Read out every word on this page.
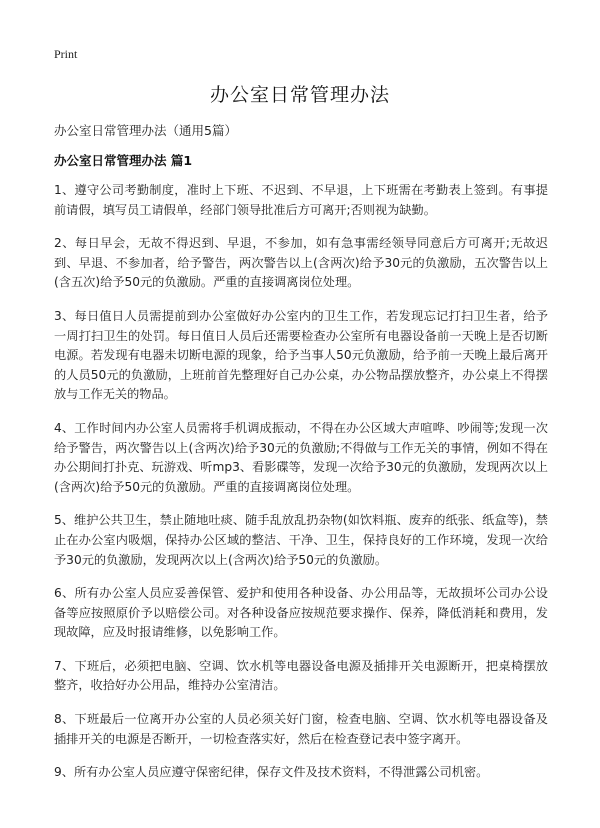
Print
办公室日常管理办法
办公室日常管理办法（通用5篇）
办公室日常管理办法 篇1

1、遵守公司考勤制度，准时上下班、不迟到、不早退，上下班需在考勤表上签到。有事提前请假，填写员工请假单，经部门领导批准后方可离开;否则视为缺勤。

2、每日早会，无故不得迟到、早退，不参加，如有急事需经领导同意后方可离开;无故迟到、早退、不参加者，给予警告，两次警告以上(含两次)给予30元的负激励，五次警告以上(含五次)给予50元的负激励。严重的直接调离岗位处理。

3、每日值日人员需提前到办公室做好办公室内的卫生工作，若发现忘记打扫卫生者，给予一周打扫卫生的处罚。每日值日人员后还需要检查办公室所有电器设备前一天晚上是否切断电源。若发现有电器未切断电源的现象，给予当事人50元负激励，给予前一天晚上最后离开的人员50元的负激励，上班前首先整理好自己办公桌，办公物品摆放整齐，办公桌上不得摆放与工作无关的物品。

4、工作时间内办公室人员需将手机调成振动，不得在办公区域大声喧哗、吵闹等;发现一次给予警告，两次警告以上(含两次)给予30元的负激励;不得做与工作无关的事情，例如不得在办公期间打扑克、玩游戏、听mp3、看影碟等，发现一次给予30元的负激励，发现两次以上(含两次)给予50元的负激励。严重的直接调离岗位处理。

5、维护公共卫生，禁止随地吐痰、随手乱放乱扔杂物(如饮料瓶、废弃的纸张、纸盒等)，禁止在办公室内吸烟，保持办公区域的整洁、干净、卫生，保持良好的工作环境，发现一次给予30元的负激励，发现两次以上(含两次)给予50元的负激励。

6、所有办公室人员应妥善保管、爱护和使用各种设备、办公用品等，无故损坏公司办公设备等应按照原价予以赔偿公司。对各种设备应按规范要求操作、保养，降低消耗和费用，发现故障，应及时报请维修，以免影响工作。

7、下班后，必须把电脑、空调、饮水机等电器设备电源及插排开关电源断开，把桌椅摆放整齐，收拾好办公用品，维持办公室清洁。

8、下班最后一位离开办公室的人员必须关好门窗，检查电脑、空调、饮水机等电器设备及插排开关的电源是否断开，一切检查落实好，然后在检查登记表中签字离开。

9、所有办公室人员应遵守保密纪律，保存文件及技术资料，不得泄露公司机密。
